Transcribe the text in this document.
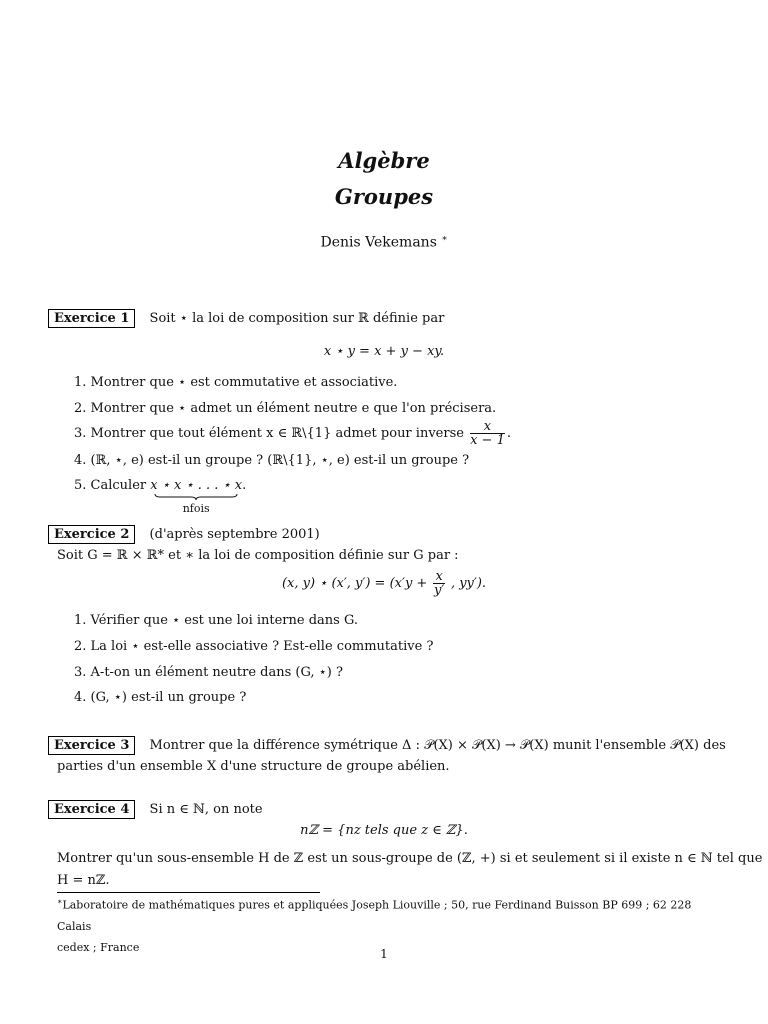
Algèbre
Groupes
Denis Vekemans ∗
Exercice 1 Soit ⋆ la loi de composition sur ℝ définie par
x ⋆ y = x + y − xy.
1. Montrer que ⋆ est commutative et associative.
2. Montrer que ⋆ admet un élément neutre e que l'on précisera.
3. Montrer que tout élément x ∈ ℝ\{1} admet pour inverse $\frac{x}{x - 1}$ .
4. (ℝ, ⋆, e) est-il un groupe ? (ℝ\{1}, ⋆, e) est-il un groupe ?
5. Calculer x ⋆ x ⋆ . . . ⋆ x
nfois
.
Exercice 2 (d'après septembre 2001)
Soit G = ℝ × ℝ* et ∗ la loi de composition définie sur G par :
(x, y) ⋆ (x′, $y') = (x'y + \frac{x}{y'}$ , yy′).
1. Vérifier que ⋆ est une loi interne dans G.
2. La loi ⋆ est-elle associative ? Est-elle commutative ?
3. A-t-on un élément neutre dans (G, ⋆) ?
4. (G, ⋆) est-il un groupe ?
Exercice 3 Montrer que la différence symétrique Δ : 𝒫(X) × 𝒫(X) → 𝒫(X) munit l'ensemble 𝒫(X) des
parties d'un ensemble X d'une structure de groupe abélien.
Exercice 4 Si n ∈ ℕ, on note
nℤ = {nz tels que z ∈ ℤ}.
Montrer qu'un sous-ensemble H de ℤ est un sous-groupe de (ℤ, +) si et seulement si il existe n ∈ ℕ tel que
H = nℤ.
∗Laboratoire de mathématiques pures et appliquées Joseph Liouville ; 50, rue Ferdinand Buisson BP 699 ; 62 228 Calais
cedex ; France	1
